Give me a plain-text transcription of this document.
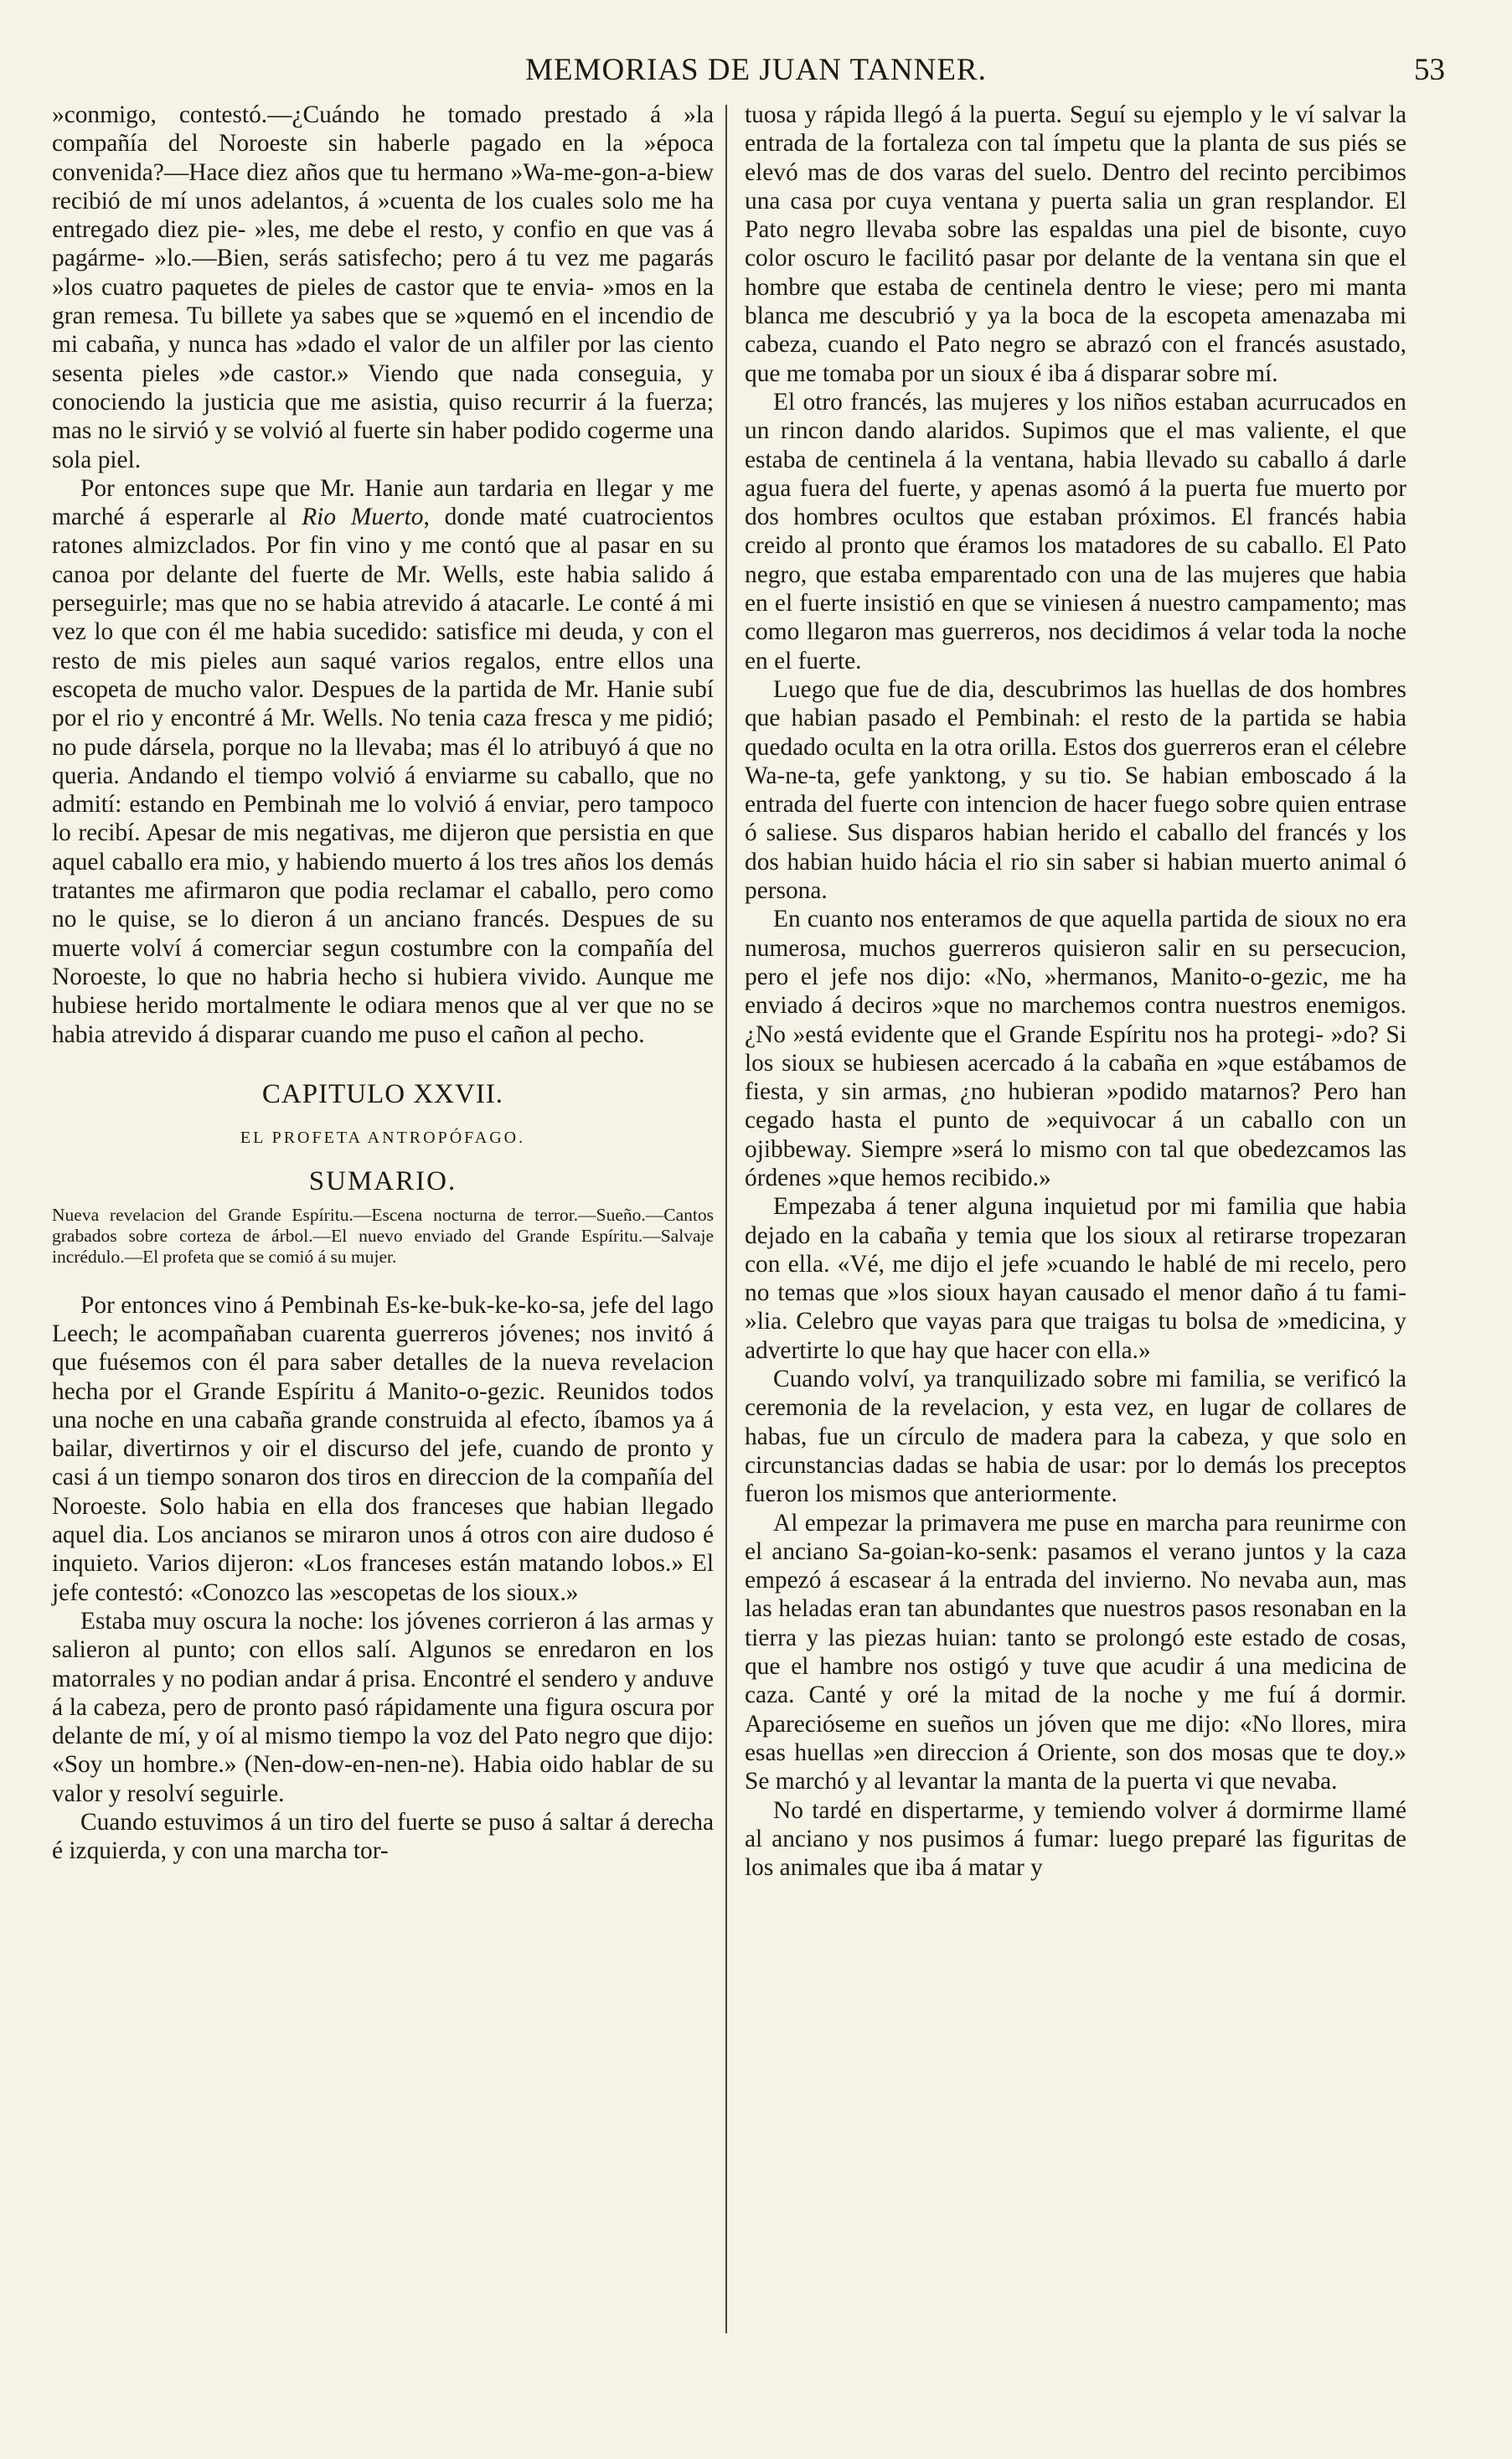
MEMORIAS DE JUAN TANNER.	53

»conmigo, contestó.—¿Cuándo he tomado prestado á »la compañía del Noroeste sin haberle pagado en la »época convenida?—Hace diez años que tu hermano »Wa-me-gon-a-biew recibió de mí unos adelantos, á »cuenta de los cuales solo me ha entregado diez pie- »les, me debe el resto, y confio en que vas á pagárme- »lo.—Bien, serás satisfecho; pero á tu vez me pagarás »los cuatro paquetes de pieles de castor que te envia- »mos en la gran remesa. Tu billete ya sabes que se »quemó en el incendio de mi cabaña, y nunca has »dado el valor de un alfiler por las ciento sesenta pieles »de castor.» Viendo que nada conseguia, y conociendo la justicia que me asistia, quiso recurrir á la fuerza; mas no le sirvió y se volvió al fuerte sin haber podido cogerme una sola piel.

Por entonces supe que Mr. Hanie aun tardaria en llegar y me marché á esperarle al Rio Muerto, donde maté cuatrocientos ratones almizclados. Por fin vino y me contó que al pasar en su canoa por delante del fuerte de Mr. Wells, este habia salido á perseguirle; mas que no se habia atrevido á atacarle. Le conté á mi vez lo que con él me habia sucedido: satisfice mi deuda, y con el resto de mis pieles aun saqué varios regalos, entre ellos una escopeta de mucho valor. Despues de la partida de Mr. Hanie subí por el rio y encontré á Mr. Wells. No tenia caza fresca y me pidió; no pude dársela, porque no la llevaba; mas él lo atribuyó á que no queria. Andando el tiempo volvió á enviarme su caballo, que no admití: estando en Pembinah me lo volvió á enviar, pero tampoco lo recibí. Apesar de mis negativas, me dijeron que persistia en que aquel caballo era mio, y habiendo muerto á los tres años los demás tratantes me afirmaron que podia reclamar el caballo, pero como no le quise, se lo dieron á un anciano francés. Despues de su muerte volví á comerciar segun costumbre con la compañía del Noroeste, lo que no habria hecho si hubiera vivido. Aunque me hubiese herido mortalmente le odiara menos que al ver que no se habia atrevido á disparar cuando me puso el cañon al pecho.

CAPITULO XXVII.
EL PROFETA ANTROPÓFAGO.
SUMARIO.
Nueva revelacion del Grande Espíritu.—Escena nocturna de terror.—Sueño.—Cantos grabados sobre corteza de árbol.—El nuevo enviado del Grande Espíritu.—Salvaje incrédulo.—El profeta que se comió á su mujer.

Por entonces vino á Pembinah Es-ke-buk-ke-ko-sa, jefe del lago Leech; le acompañaban cuarenta guerreros jóvenes; nos invitó á que fuésemos con él para saber detalles de la nueva revelacion hecha por el Grande Espíritu á Manito-o-gezic. Reunidos todos una noche en una cabaña grande construida al efecto, íbamos ya á bailar, divertirnos y oir el discurso del jefe, cuando de pronto y casi á un tiempo sonaron dos tiros en direccion de la compañía del Noroeste. Solo habia en ella dos franceses que habian llegado aquel dia. Los ancianos se miraron unos á otros con aire dudoso é inquieto. Varios dijeron: «Los franceses están matando lobos.» El jefe contestó: «Conozco las »escopetas de los sioux.»

Estaba muy oscura la noche: los jóvenes corrieron á las armas y salieron al punto; con ellos salí. Algunos se enredaron en los matorrales y no podian andar á prisa. Encontré el sendero y anduve á la cabeza, pero de pronto pasó rápidamente una figura oscura por delante de mí, y oí al mismo tiempo la voz del Pato negro que dijo: «Soy un hombre.» (Nen-dow-en-nen-ne). Habia oido hablar de su valor y resolví seguirle.

Cuando estuvimos á un tiro del fuerte se puso á saltar á derecha é izquierda, y con una marcha tor-

tuosa y rápida llegó á la puerta. Seguí su ejemplo y le ví salvar la entrada de la fortaleza con tal ímpetu que la planta de sus piés se elevó mas de dos varas del suelo. Dentro del recinto percibimos una casa por cuya ventana y puerta salia un gran resplandor. El Pato negro llevaba sobre las espaldas una piel de bisonte, cuyo color oscuro le facilitó pasar por delante de la ventana sin que el hombre que estaba de centinela dentro le viese; pero mi manta blanca me descubrió y ya la boca de la escopeta amenazaba mi cabeza, cuando el Pato negro se abrazó con el francés asustado, que me tomaba por un sioux é iba á disparar sobre mí.

El otro francés, las mujeres y los niños estaban acurrucados en un rincon dando alaridos. Supimos que el mas valiente, el que estaba de centinela á la ventana, habia llevado su caballo á darle agua fuera del fuerte, y apenas asomó á la puerta fue muerto por dos hombres ocultos que estaban próximos. El francés habia creido al pronto que éramos los matadores de su caballo. El Pato negro, que estaba emparentado con una de las mujeres que habia en el fuerte insistió en que se viniesen á nuestro campamento; mas como llegaron mas guerreros, nos decidimos á velar toda la noche en el fuerte.

Luego que fue de dia, descubrimos las huellas de dos hombres que habian pasado el Pembinah: el resto de la partida se habia quedado oculta en la otra orilla. Estos dos guerreros eran el célebre Wa-ne-ta, gefe yanktong, y su tio. Se habian emboscado á la entrada del fuerte con intencion de hacer fuego sobre quien entrase ó saliese. Sus disparos habian herido el caballo del francés y los dos habian huido hácia el rio sin saber si habian muerto animal ó persona.

En cuanto nos enteramos de que aquella partida de sioux no era numerosa, muchos guerreros quisieron salir en su persecucion, pero el jefe nos dijo: «No, »hermanos, Manito-o-gezic, me ha enviado á deciros »que no marchemos contra nuestros enemigos. ¿No »está evidente que el Grande Espíritu nos ha protegi- »do? Si los sioux se hubiesen acercado á la cabaña en »que estábamos de fiesta, y sin armas, ¿no hubieran »podido matarnos? Pero han cegado hasta el punto de »equivocar á un caballo con un ojibbeway. Siempre »será lo mismo con tal que obedezcamos las órdenes »que hemos recibido.»

Empezaba á tener alguna inquietud por mi familia que habia dejado en la cabaña y temia que los sioux al retirarse tropezaran con ella. «Vé, me dijo el jefe »cuando le hablé de mi recelo, pero no temas que »los sioux hayan causado el menor daño á tu fami- »lia. Celebro que vayas para que traigas tu bolsa de »medicina, y advertirte lo que hay que hacer con ella.»

Cuando volví, ya tranquilizado sobre mi familia, se verificó la ceremonia de la revelacion, y esta vez, en lugar de collares de habas, fue un círculo de madera para la cabeza, y que solo en circunstancias dadas se habia de usar: por lo demás los preceptos fueron los mismos que anteriormente.

Al empezar la primavera me puse en marcha para reunirme con el anciano Sa-goian-ko-senk: pasamos el verano juntos y la caza empezó á escasear á la entrada del invierno. No nevaba aun, mas las heladas eran tan abundantes que nuestros pasos resonaban en la tierra y las piezas huian: tanto se prolongó este estado de cosas, que el hambre nos ostigó y tuve que acudir á una medicina de caza. Canté y oré la mitad de la noche y me fuí á dormir. Aparecióseme en sueños un jóven que me dijo: «No llores, mira esas huellas »en direccion á Oriente, son dos mosas que te doy.» Se marchó y al levantar la manta de la puerta vi que nevaba.

No tardé en dispertarme, y temiendo volver á dormirme llamé al anciano y nos pusimos á fumar: luego preparé las figuritas de los animales que iba á matar y
